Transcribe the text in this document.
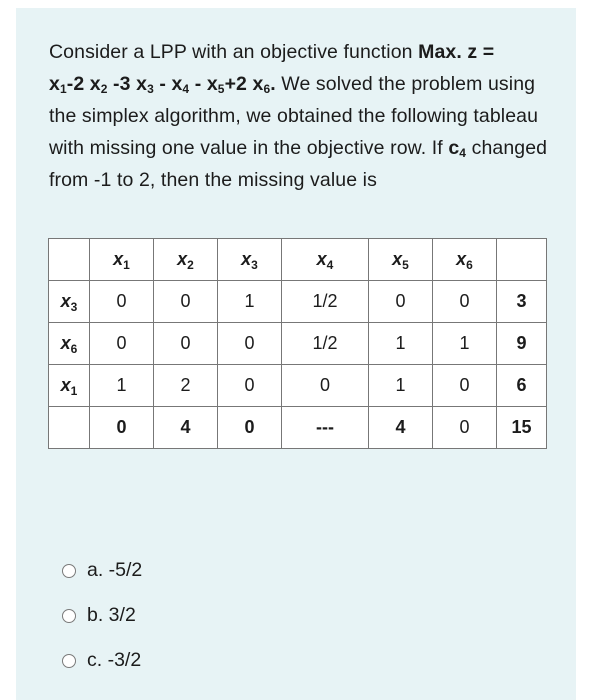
Consider a LPP with an objective function Max. z =
$x_1-2$ $x_2$ -3 $x_3 - x_4 - x_5+2$ $x_6$. We solved the problem using the simplex algorithm, we obtained the following tableau with missing one value in the objective row. If $c_4$ changed from -1 to 2, then the missing value is
	$x_1$	$x_2$	$x_3$	$x_4$	$x_5$	$x_6$	
$x_3$	0	0	1	1/2	0	0	3
$x_6$	0	0	0	1/2	1	1	9
$x_1$	1	2	0	0	1	0	6
	0	4	0	---	4	0	15
a. -5/2
b. 3/2
c. -3/2
